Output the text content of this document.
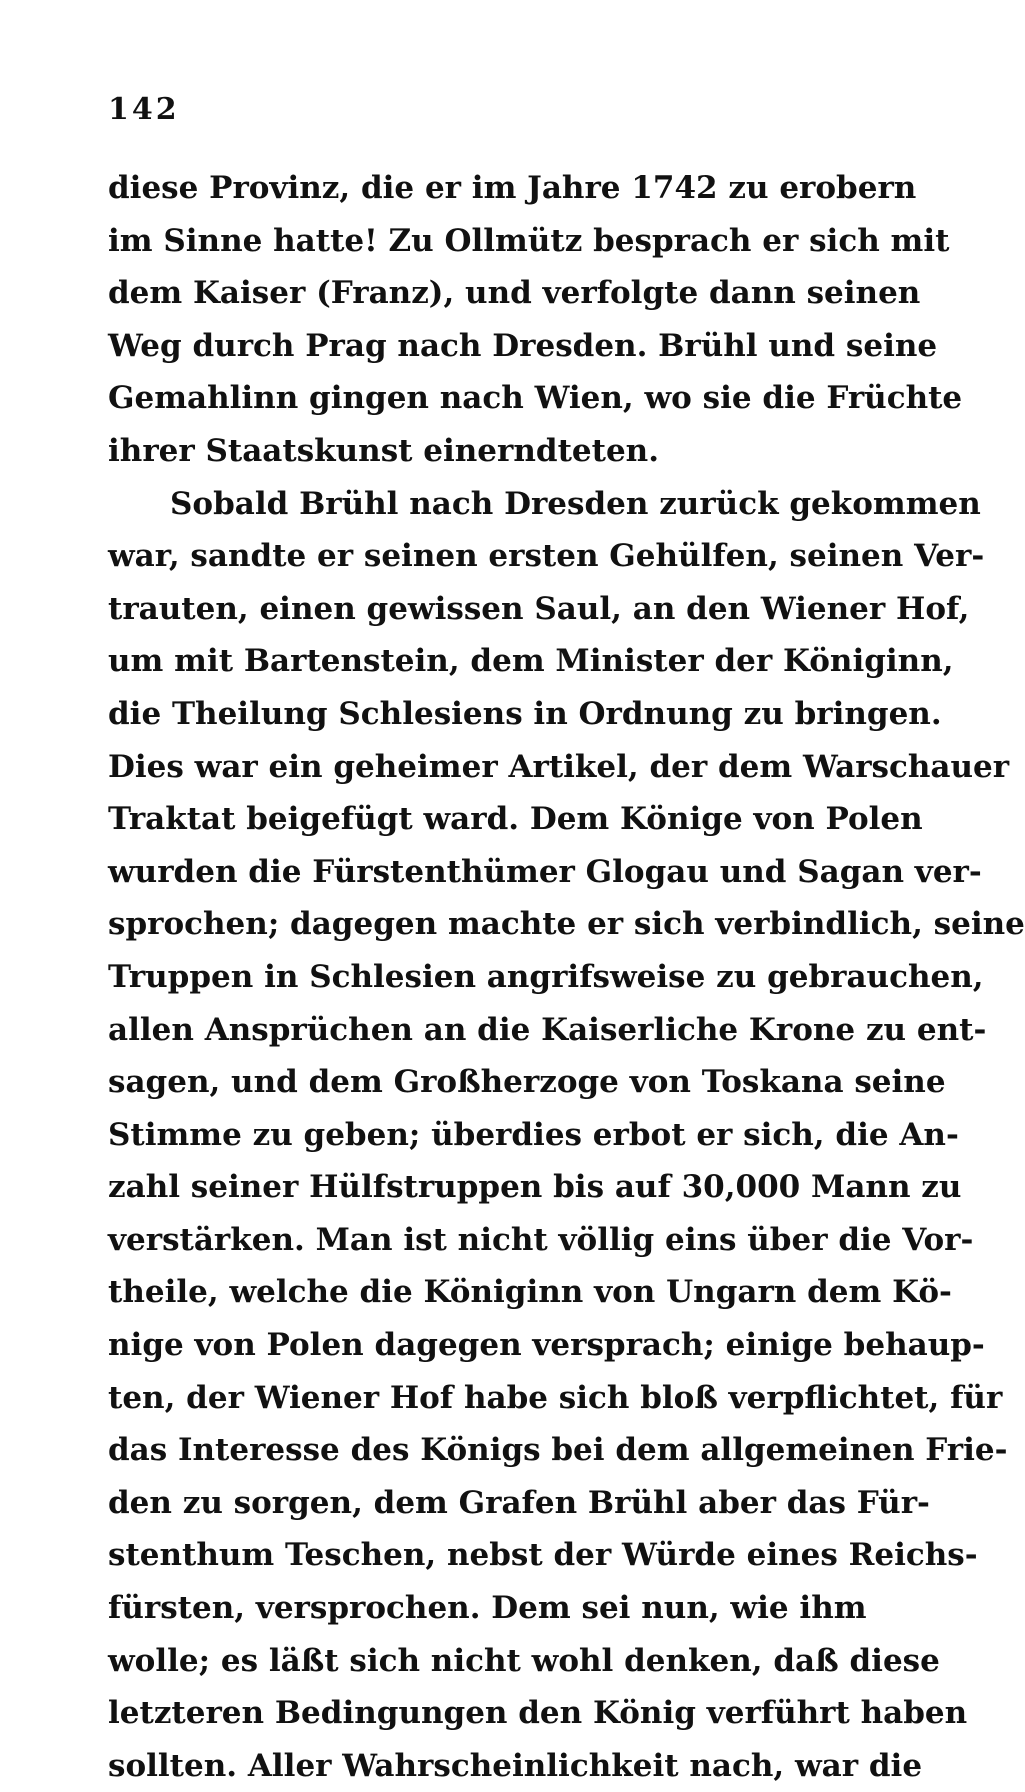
142
diese Provinz, die er im Jahre 1742 zu erobern
im Sinne hatte! Zu Ollmütz besprach er sich mit
dem Kaiser (Franz), und verfolgte dann seinen
Weg durch Prag nach Dresden. Brühl und seine
Gemahlinn gingen nach Wien, wo sie die Früchte
ihrer Staatskunst einerndteten.
Sobald Brühl nach Dresden zurück gekommen
war, sandte er seinen ersten Gehülfen, seinen Ver-
trauten, einen gewissen Saul, an den Wiener Hof,
um mit Bartenstein, dem Minister der Königinn,
die Theilung Schlesiens in Ordnung zu bringen.
Dies war ein geheimer Artikel, der dem Warschauer
Traktat beigefügt ward. Dem Könige von Polen
wurden die Fürstenthümer Glogau und Sagan ver-
sprochen; dagegen machte er sich verbindlich, seine
Truppen in Schlesien angrifsweise zu gebrauchen,
allen Ansprüchen an die Kaiserliche Krone zu ent-
sagen, und dem Großherzoge von Toskana seine
Stimme zu geben; überdies erbot er sich, die An-
zahl seiner Hülfstruppen bis auf 30,000 Mann zu
verstärken. Man ist nicht völlig eins über die Vor-
theile, welche die Königinn von Ungarn dem Kö-
nige von Polen dagegen versprach; einige behaup-
ten, der Wiener Hof habe sich bloß verpflichtet, für
das Interesse des Königs bei dem allgemeinen Frie-
den zu sorgen, dem Grafen Brühl aber das Für-
stenthum Teschen, nebst der Würde eines Reichs-
fürsten, versprochen. Dem sei nun, wie ihm
wolle; es läßt sich nicht wohl denken, daß diese
letzteren Bedingungen den König verführt haben
sollten. Aller Wahrscheinlichkeit nach, war die
